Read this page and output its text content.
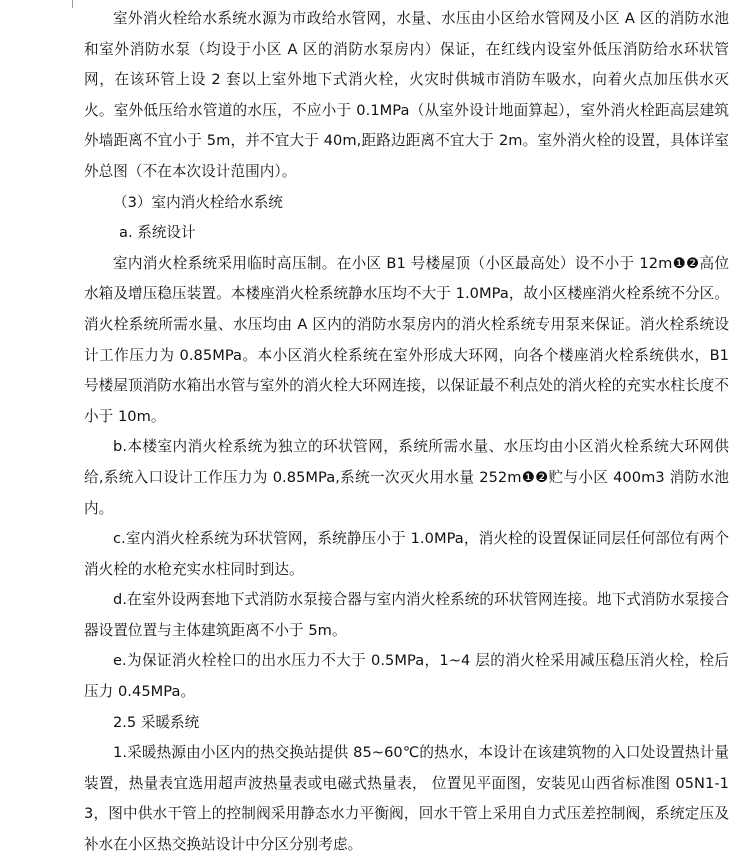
室外消火栓给水系统水源为市政给水管网，水量、水压由小区给水管网及小区 A 区的消防水池和室外消防水泵（均设于小区 A 区的消防水泵房内）保证，在红线内设室外低压消防给水环状管网，在该环管上设 2 套以上室外地下式消火栓，火灾时供城市消防车吸水，向着火点加压供水灭火。室外低压给水管道的水压，不应小于 0.1MPa（从室外设计地面算起），室外消火栓距高层建筑外墙距离不宜小于 5m，并不宜大于 40m,距路边距离不宜大于 2m。室外消火栓的设置，具体详室外总图（不在本次设计范围内）。

（3）室内消火栓给水系统

a. 系统设计

室内消火栓系统采用临时高压制。在小区 B1 号楼屋顶（小区最高处）设不小于 12m❶❷高位水箱及增压稳压装置。本楼座消火栓系统静水压均不大于 1.0MPa，故小区楼座消火栓系统不分区。消火栓系统所需水量、水压均由 A 区内的消防水泵房内的消火栓系统专用泵来保证。消火栓系统设计工作压力为 0.85MPa。本小区消火栓系统在室外形成大环网，向各个楼座消火栓系统供水，B1 号楼屋顶消防水箱出水管与室外的消火栓大环网连接，以保证最不利点处的消火栓的充实水柱长度不小于 10m。

b.本楼室内消火栓系统为独立的环状管网，系统所需水量、水压均由小区消火栓系统大环网供给,系统入口设计工作压力为 0.85MPa,系统一次灭火用水量 252m❶❷贮与小区 400m3 消防水池内。

c.室内消火栓系统为环状管网，系统静压小于 1.0MPa，消火栓的设置保证同层任何部位有两个消火栓的水枪充实水柱同时到达。

d.在室外设两套地下式消防水泵接合器与室内消火栓系统的环状管网连接。地下式消防水泵接合器设置位置与主体建筑距离不小于 5m。

e.为保证消火栓栓口的出水压力不大于 0.5MPa，1~4 层的消火栓采用减压稳压消火栓，栓后压力 0.45MPa。

2.5 采暖系统

1.采暖热源由小区内的热交换站提供 85~60℃的热水，本设计在该建筑物的入口处设置热计量装置，热量表宜选用超声波热量表或电磁式热量表， 位置见平面图，安装见山西省标准图 05N1-13，图中供水干管上的控制阀采用静态水力平衡阀，回水干管上采用自力式压差控制阀，系统定压及补水在小区热交换站设计中分区分别考虑。
